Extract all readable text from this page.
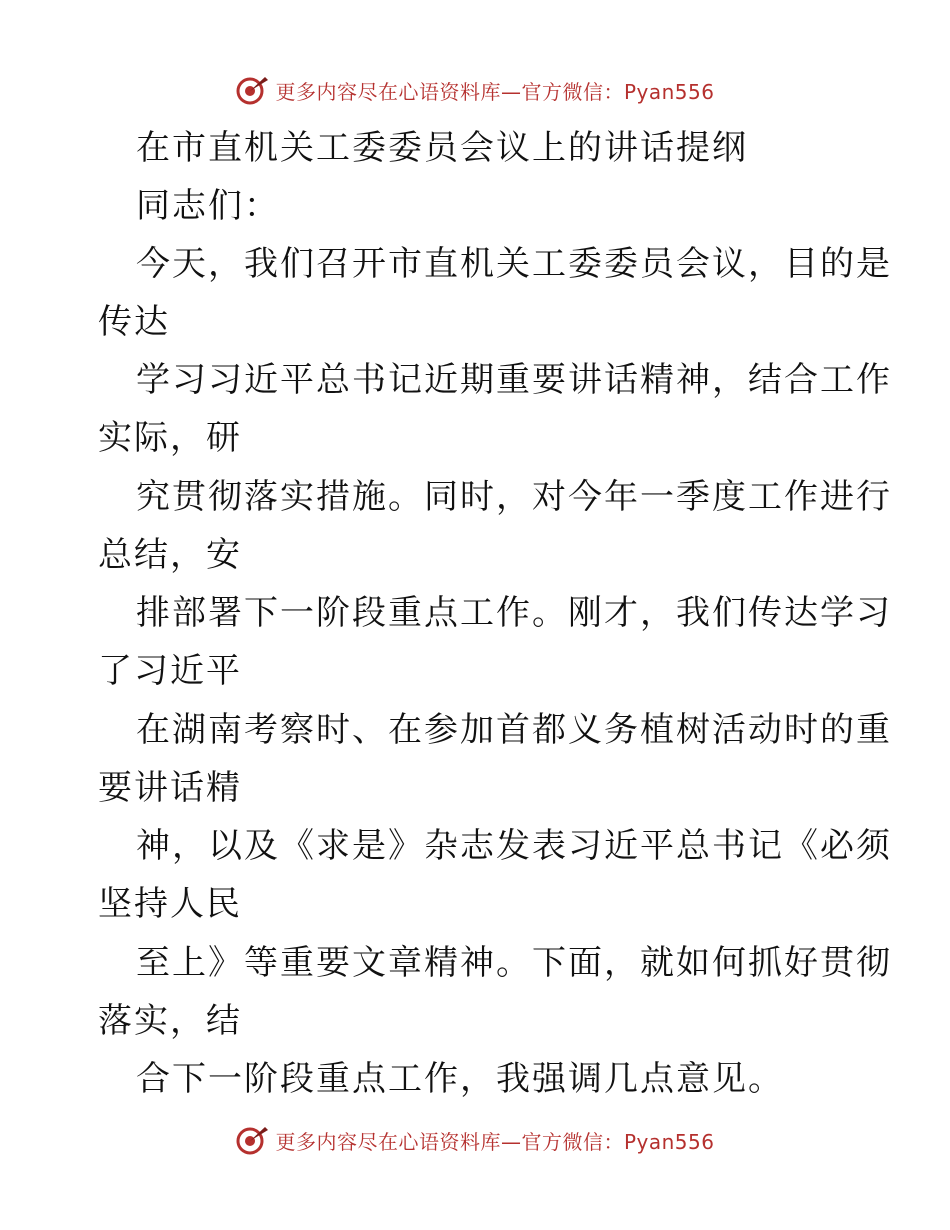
更多内容尽在心语资料库—官方微信：Pyan556
在市直机关工委委员会议上的讲话提纲
同志们：
今天，我们召开市直机关工委委员会议，目的是
传达
学习习近平总书记近期重要讲话精神，结合工作
实际，研
究贯彻落实措施。同时，对今年一季度工作进行
总结，安
排部署下一阶段重点工作。刚才，我们传达学习
了习近平
在湖南考察时、在参加首都义务植树活动时的重
要讲话精
神，以及《求是》杂志发表习近平总书记《必须
坚持人民
至上》等重要文章精神。下面，就如何抓好贯彻
落实，结
合下一阶段重点工作，我强调几点意见。
更多内容尽在心语资料库—官方微信：Pyan556
